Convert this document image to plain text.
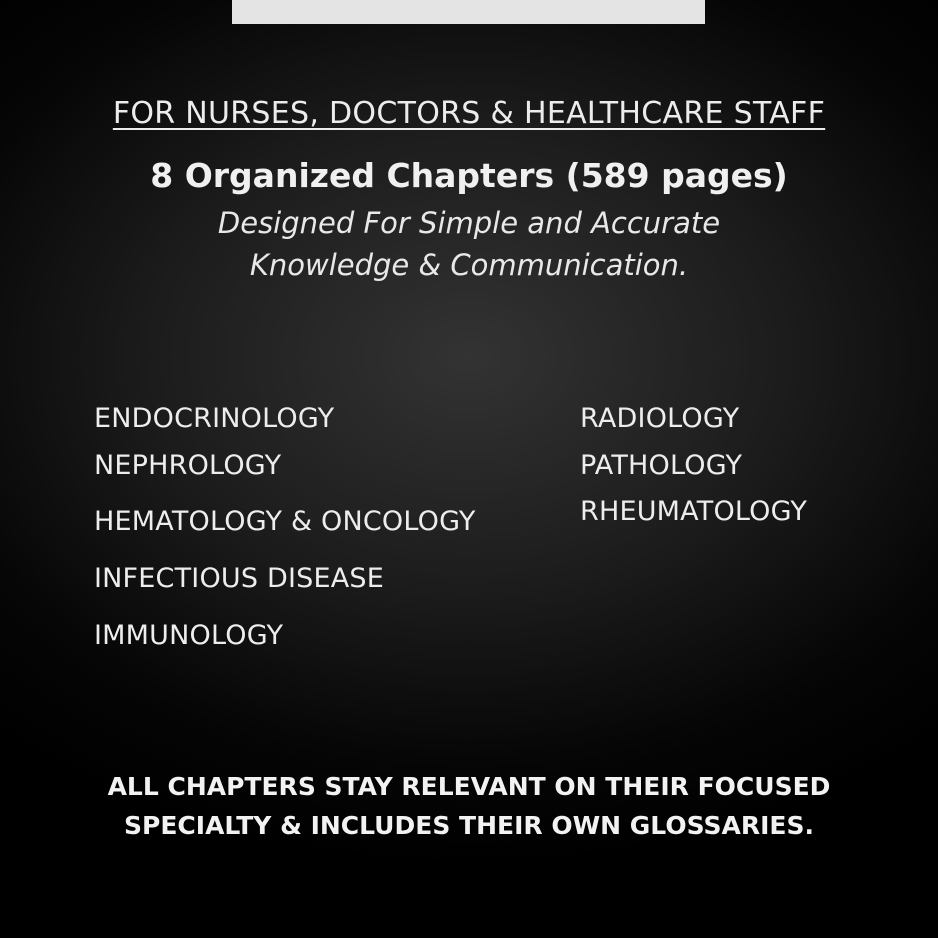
FOR NURSES, DOCTORS & HEALTHCARE STAFF
8 Organized Chapters (589 pages)
Designed For Simple and Accurate
Knowledge & Communication.
ENDOCRINOLOGY
NEPHROLOGY
HEMATOLOGY & ONCOLOGY
INFECTIOUS DISEASE
IMMUNOLOGY
RADIOLOGY
PATHOLOGY
RHEUMATOLOGY
ALL CHAPTERS STAY RELEVANT ON THEIR FOCUSED
SPECIALTY & INCLUDES THEIR OWN GLOSSARIES.
